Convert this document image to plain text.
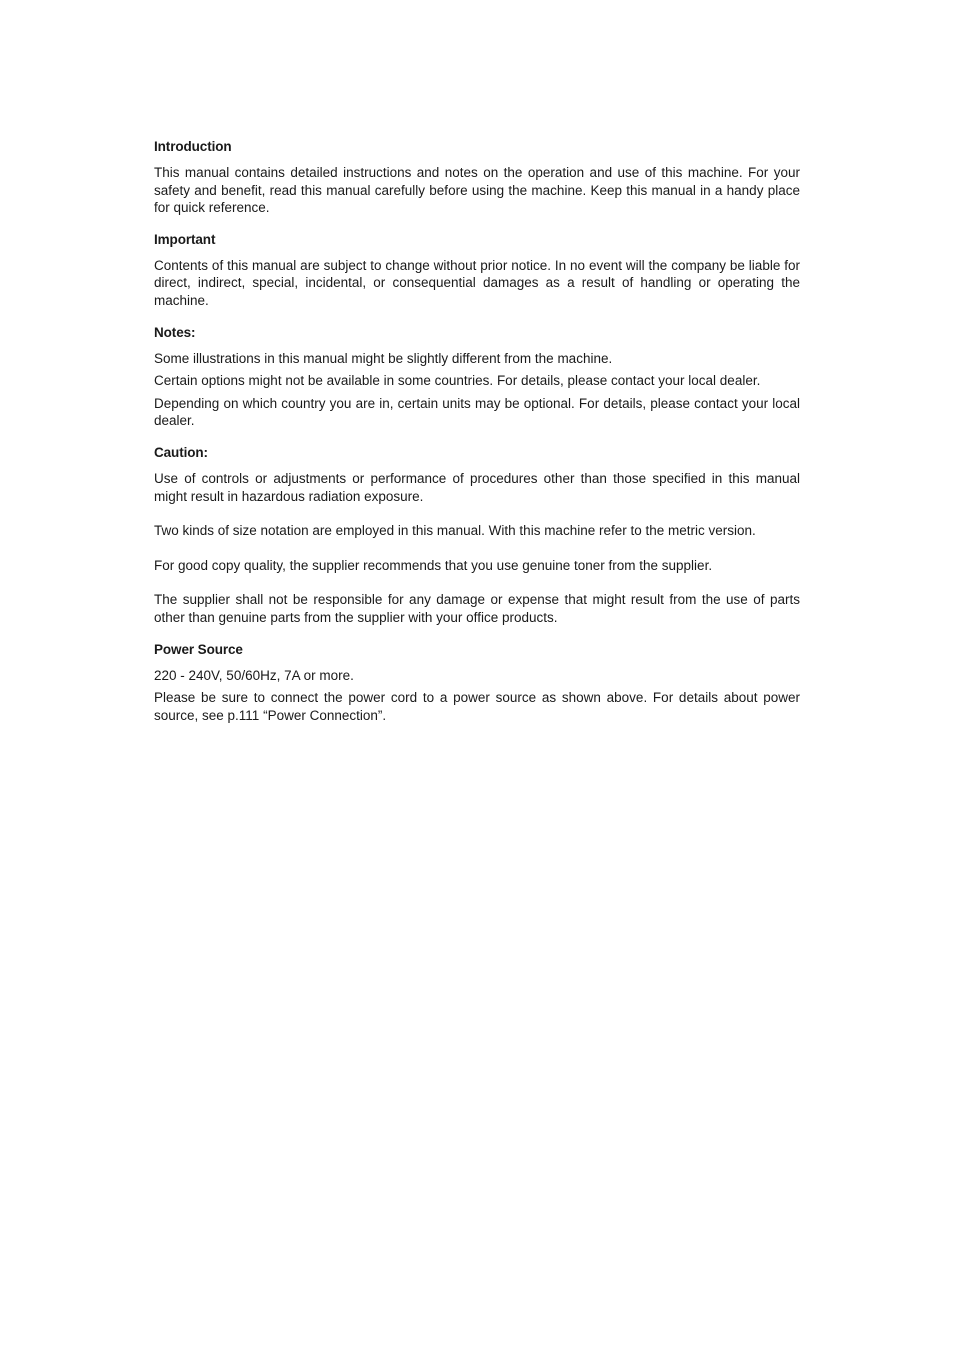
Introduction

This manual contains detailed instructions and notes on the operation and use of this machine. For your safety and benefit, read this manual carefully before using the machine. Keep this manual in a handy place for quick reference.

Important

Contents of this manual are subject to change without prior notice. In no event will the company be liable for direct, indirect, special, incidental, or consequential damages as a result of handling or operating the machine.

Notes:

Some illustrations in this manual might be slightly different from the machine.

Certain options might not be available in some countries. For details, please contact your local dealer.

Depending on which country you are in, certain units may be optional. For details, please contact your local dealer.

Caution:

Use of controls or adjustments or performance of procedures other than those specified in this manual might result in hazardous radiation exposure.

Two kinds of size notation are employed in this manual. With this machine refer to the metric version.

For good copy quality, the supplier recommends that you use genuine toner from the supplier.

The supplier shall not be responsible for any damage or expense that might result from the use of parts other than genuine parts from the supplier with your office products.

Power Source

220 - 240V, 50/60Hz, 7A or more.

Please be sure to connect the power cord to a power source as shown above. For details about power source, see p.111 “Power Connection”.
